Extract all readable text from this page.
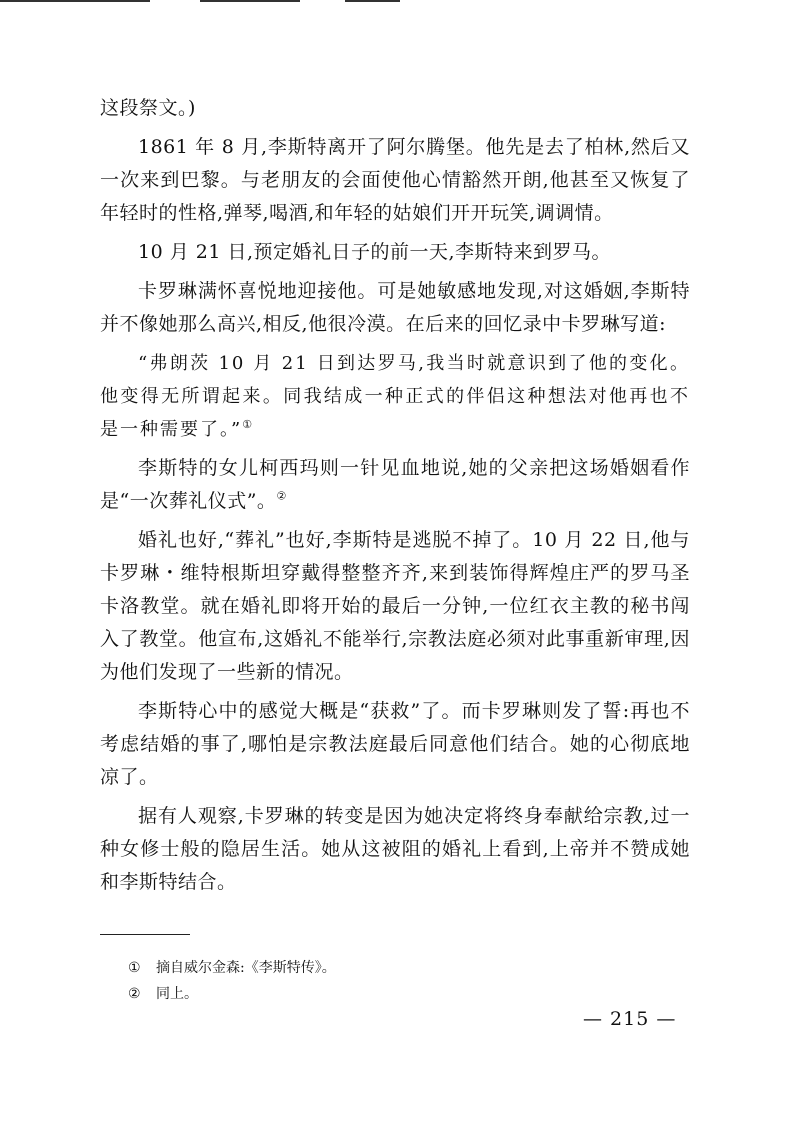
这段祭文。)

1861 年 8 月,李斯特离开了阿尔腾堡。他先是去了柏林,然后又一次来到巴黎。与老朋友的会面使他心情豁然开朗,他甚至又恢复了年轻时的性格,弹琴,喝酒,和年轻的姑娘们开开玩笑,调调情。

10 月 21 日,预定婚礼日子的前一天,李斯特来到罗马。

卡罗琳满怀喜悦地迎接他。可是她敏感地发现,对这婚姻,李斯特并不像她那么高兴,相反,他很冷漠。在后来的回忆录中卡罗琳写道:

“弗朗茨 10 月 21 日到达罗马,我当时就意识到了他的变化。他变得无所谓起来。同我结成一种正式的伴侣这种想法对他再也不是一种需要了。”①

李斯特的女儿柯西玛则一针见血地说,她的父亲把这场婚姻看作是“一次葬礼仪式”。②

婚礼也好,“葬礼”也好,李斯特是逃脱不掉了。10 月 22 日,他与卡罗琳・维特根斯坦穿戴得整整齐齐,来到装饰得辉煌庄严的罗马圣卡洛教堂。就在婚礼即将开始的最后一分钟,一位红衣主教的秘书闯入了教堂。他宣布,这婚礼不能举行,宗教法庭必须对此事重新审理,因为他们发现了一些新的情况。

李斯特心中的感觉大概是“获救”了。而卡罗琳则发了誓:再也不考虑结婚的事了,哪怕是宗教法庭最后同意他们结合。她的心彻底地凉了。

据有人观察,卡罗琳的转变是因为她决定将终身奉献给宗教,过一种女修士般的隐居生活。她从这被阻的婚礼上看到,上帝并不赞成她和李斯特结合。

① 摘自威尔金森:《李斯特传》。
② 同上。
— 215 —
